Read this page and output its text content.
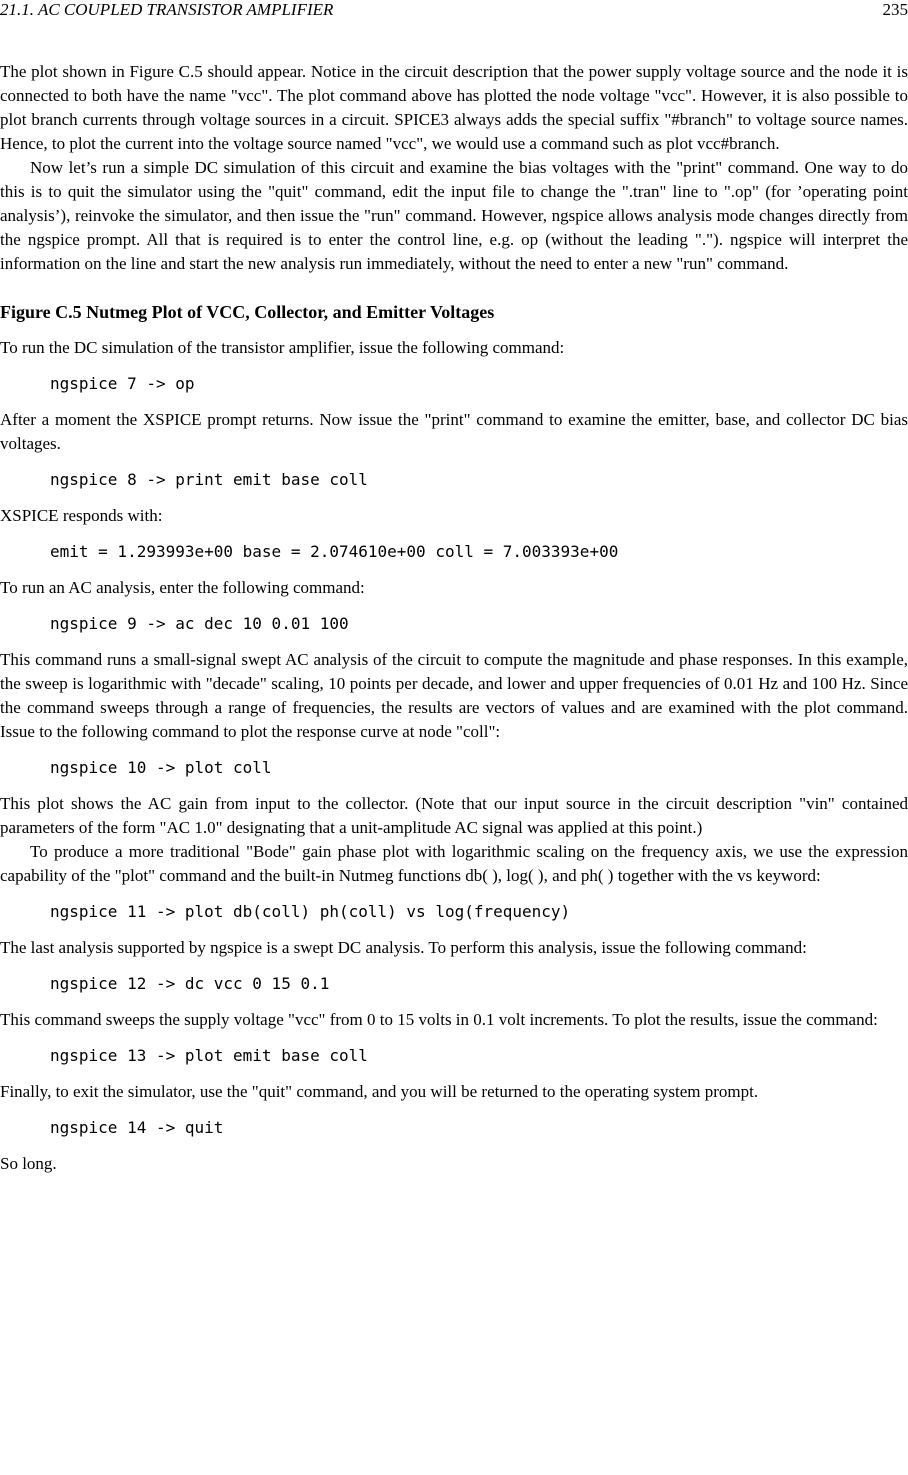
21.1. AC COUPLED TRANSISTOR AMPLIFIER	235

The plot shown in Figure C.5 should appear. Notice in the circuit description that the power supply voltage source and the node it is connected to both have the name "vcc". The plot command above has plotted the node voltage "vcc". However, it is also possible to plot branch currents through voltage sources in a circuit. SPICE3 always adds the special suffix "#branch" to voltage source names. Hence, to plot the current into the voltage source named "vcc", we would use a command such as plot vcc#branch.

Now let’s run a simple DC simulation of this circuit and examine the bias voltages with the "print" command. One way to do this is to quit the simulator using the "quit" command, edit the input file to change the ".tran" line to ".op" (for ’operating point analysis’), reinvoke the simulator, and then issue the "run" command. However, ngspice allows analysis mode changes directly from the ngspice prompt. All that is required is to enter the control line, e.g. op (without the leading "."). ngspice will interpret the information on the line and start the new analysis run immediately, without the need to enter a new "run" command.

Figure C.5 Nutmeg Plot of VCC, Collector, and Emitter Voltages

To run the DC simulation of the transistor amplifier, issue the following command:

ngspice 7 -> op

After a moment the XSPICE prompt returns. Now issue the "print" command to examine the emitter, base, and collector DC bias voltages.

ngspice 8 -> print emit base coll

XSPICE responds with:

emit = 1.293993e+00 base = 2.074610e+00 coll = 7.003393e+00

To run an AC analysis, enter the following command:

ngspice 9 -> ac dec 10 0.01 100

This command runs a small-signal swept AC analysis of the circuit to compute the magnitude and phase responses. In this example, the sweep is logarithmic with "decade" scaling, 10 points per decade, and lower and upper frequencies of 0.01 Hz and 100 Hz. Since the command sweeps through a range of frequencies, the results are vectors of values and are examined with the plot command. Issue to the following command to plot the response curve at node "coll":

ngspice 10 -> plot coll

This plot shows the AC gain from input to the collector. (Note that our input source in the circuit description "vin" contained parameters of the form "AC 1.0" designating that a unit-amplitude AC signal was applied at this point.)

To produce a more traditional "Bode" gain phase plot with logarithmic scaling on the frequency axis, we use the expression capability of the "plot" command and the built-in Nutmeg functions db( ), log( ), and ph( ) together with the vs keyword:

ngspice 11 -> plot db(coll) ph(coll) vs log(frequency)

The last analysis supported by ngspice is a swept DC analysis. To perform this analysis, issue the following command:

ngspice 12 -> dc vcc 0 15 0.1

This command sweeps the supply voltage "vcc" from 0 to 15 volts in 0.1 volt increments. To plot the results, issue the command:

ngspice 13 -> plot emit base coll

Finally, to exit the simulator, use the "quit" command, and you will be returned to the operating system prompt.

ngspice 14 -> quit

So long.
